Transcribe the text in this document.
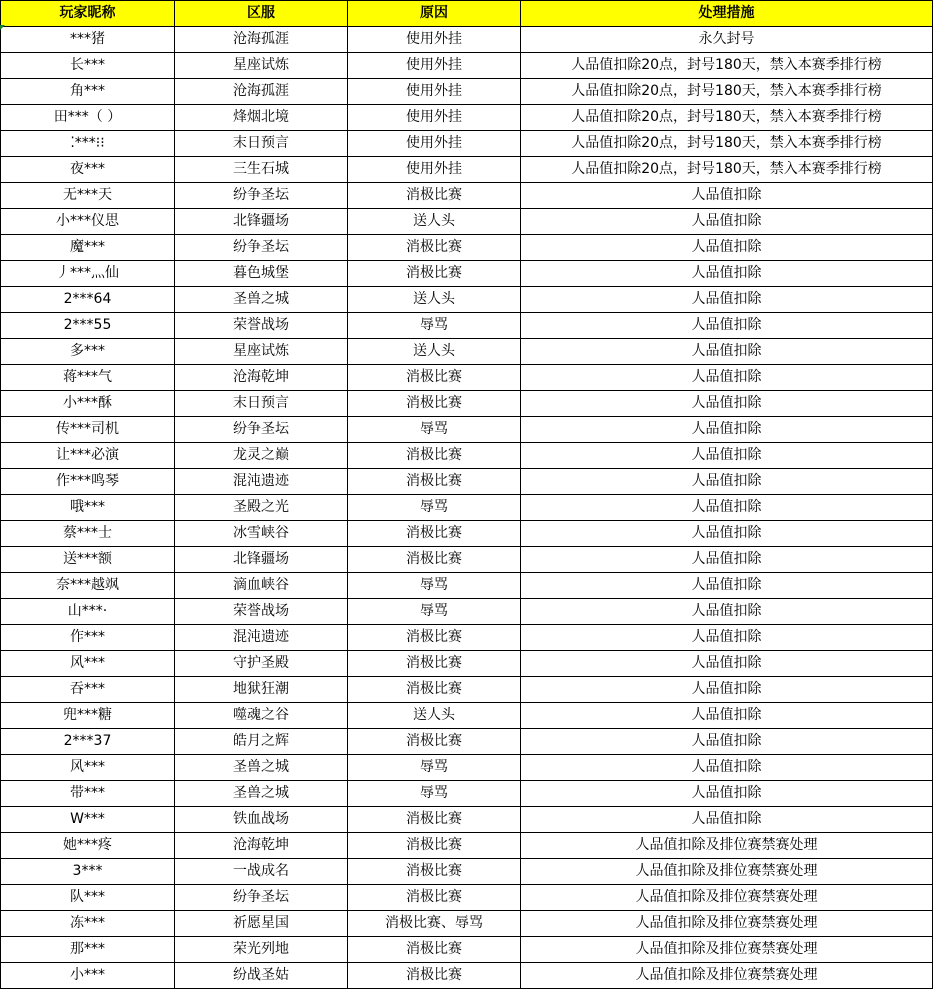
玩家昵称	区服	原因	处理措施
***猪	沧海孤涯	使用外挂	永久封号
长***	星座试炼	使用外挂	人品值扣除20点，封号180天，禁入本赛季排行榜
角***	沧海孤涯	使用外挂	人品值扣除20点，封号180天，禁入本赛季排行榜
田***（ ）	烽烟北境	使用外挂	人品值扣除20点，封号180天，禁入本赛季排行榜
⁚***⁝⁝	末日预言	使用外挂	人品值扣除20点，封号180天，禁入本赛季排行榜
夜***	三生石城	使用外挂	人品值扣除20点，封号180天，禁入本赛季排行榜
无***天	纷争圣坛	消极比赛	人品值扣除
小***仪思	北锋疆场	送人头	人品值扣除
魔***	纷争圣坛	消极比赛	人品值扣除
丿***灬仙	暮色城堡	消极比赛	人品值扣除
2***64	圣兽之城	送人头	人品值扣除
2***55	荣誉战场	辱骂	人品值扣除
多***	星座试炼	送人头	人品值扣除
蒋***气	沧海乾坤	消极比赛	人品值扣除
小***酥	末日预言	消极比赛	人品值扣除
传***司机	纷争圣坛	辱骂	人品值扣除
让***必演	龙灵之巅	消极比赛	人品值扣除
作***鸣琴	混沌遗迹	消极比赛	人品值扣除
哦***	圣殿之光	辱骂	人品值扣除
蔡***士	冰雪峡谷	消极比赛	人品值扣除
送***额	北锋疆场	消极比赛	人品值扣除
奈***越飒	滴血峡谷	辱骂	人品值扣除
山***·	荣誉战场	辱骂	人品值扣除
作***	混沌遗迹	消极比赛	人品值扣除
风***	守护圣殿	消极比赛	人品值扣除
吞***	地狱狂潮	消极比赛	人品值扣除
兜***糖	噬魂之谷	送人头	人品值扣除
2***37	皓月之辉	消极比赛	人品值扣除
风***	圣兽之城	辱骂	人品值扣除
带***	圣兽之城	辱骂	人品值扣除
W***	铁血战场	消极比赛	人品值扣除
她***疼	沧海乾坤	消极比赛	人品值扣除及排位赛禁赛处理
3***	一战成名	消极比赛	人品值扣除及排位赛禁赛处理
队***	纷争圣坛	消极比赛	人品值扣除及排位赛禁赛处理
冻***	祈愿星国	消极比赛、辱骂	人品值扣除及排位赛禁赛处理
那***	荣光列地	消极比赛	人品值扣除及排位赛禁赛处理
小***	纷战圣姑	消极比赛	人品值扣除及排位赛禁赛处理
